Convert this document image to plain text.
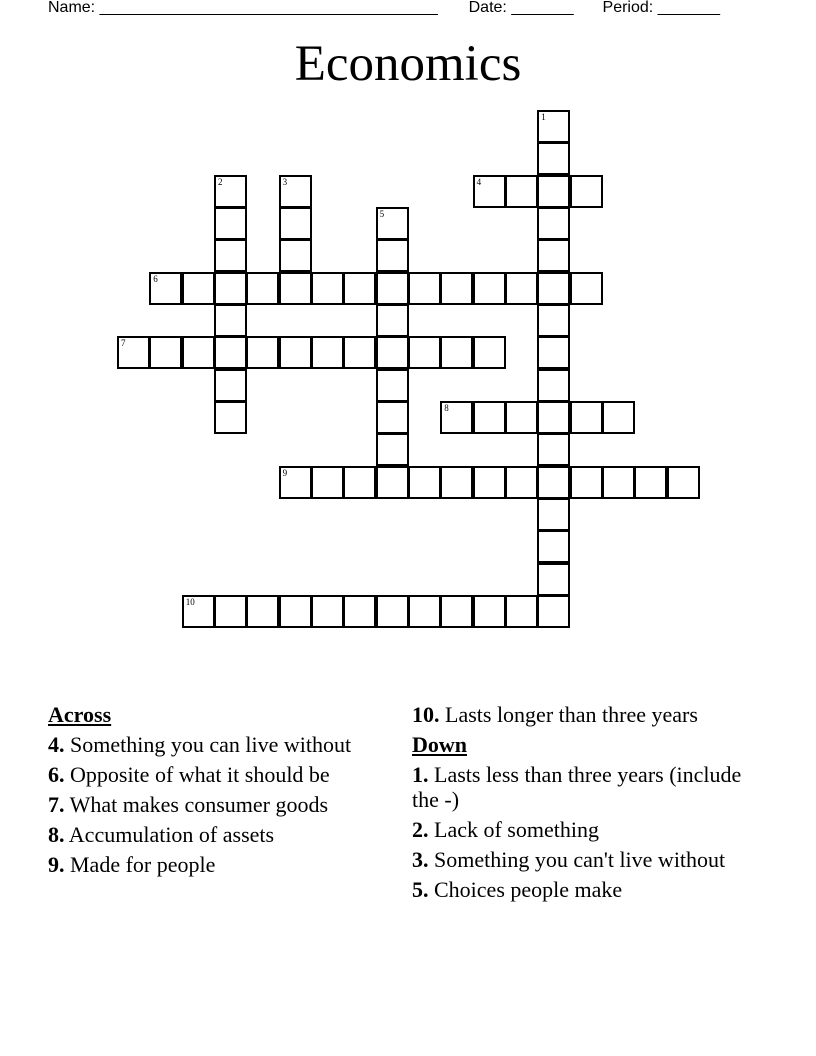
Name: ______________________________________ Date: _______ Period: _______
Economics
1
2	3	4
5
6
7
8
9
10
Across
4. Something you can live without
6. Opposite of what it should be
7. What makes consumer goods
8. Accumulation of assets
9. Made for people
10. Lasts longer than three years
Down
1. Lasts less than three years (include the -)
2. Lack of something
3. Something you can't live without
5. Choices people make
